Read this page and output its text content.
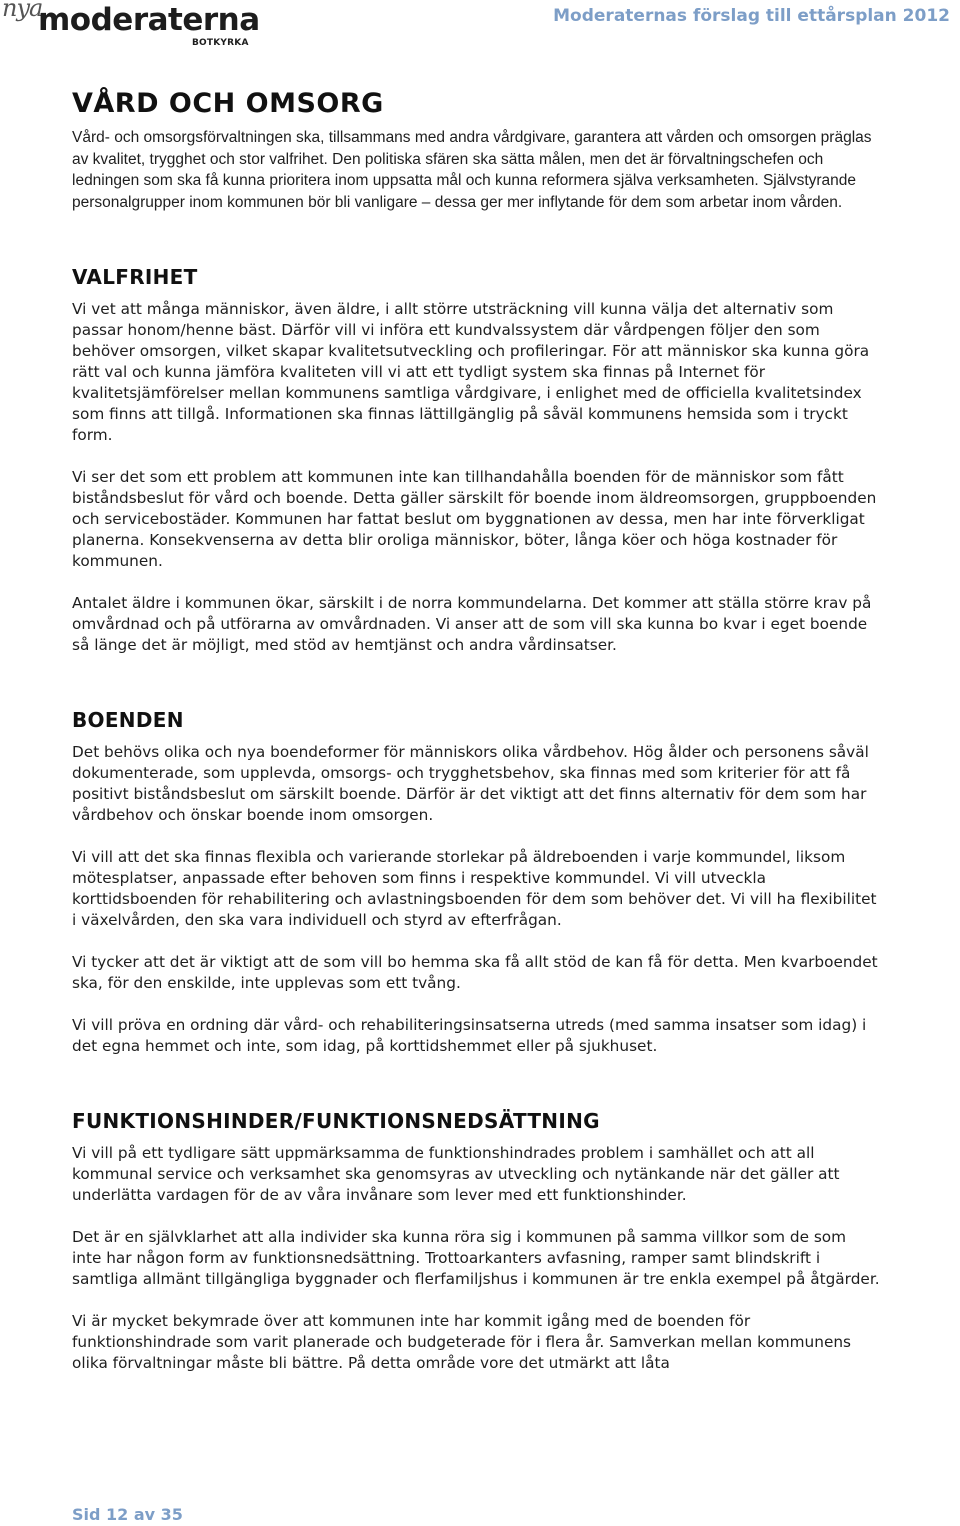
nya
moderaterna
BOTKYRKA
Moderaternas förslag till ettårsplan 2012
VÅRD OCH OMSORG

Vård- och omsorgsförvaltningen ska, tillsammans med andra vårdgivare, garantera att vården och omsorgen präglas av kvalitet, trygghet och stor valfrihet. Den politiska sfären ska sätta målen, men det är förvaltningschefen och ledningen som ska få kunna prioritera inom uppsatta mål och kunna reformera själva verksamheten. Självstyrande personalgrupper inom kommunen bör bli vanligare – dessa ger mer inflytande för dem som arbetar inom vården.

VALFRIHET

Vi vet att många människor, även äldre, i allt större utsträckning vill kunna välja det alternativ som passar honom/henne bäst. Därför vill vi införa ett kundvalssystem där vårdpengen följer den som behöver omsorgen, vilket skapar kvalitetsutveckling och profileringar. För att människor ska kunna göra rätt val och kunna jämföra kvaliteten vill vi att ett tydligt system ska finnas på Internet för kvalitetsjämförelser mellan kommunens samtliga vårdgivare, i enlighet med de officiella kvalitetsindex som finns att tillgå. Informationen ska finnas lättillgänglig på såväl kommunens hemsida som i tryckt form.

Vi ser det som ett problem att kommunen inte kan tillhandahålla boenden för de människor som fått biståndsbeslut för vård och boende. Detta gäller särskilt för boende inom äldreomsorgen, gruppboenden och servicebostäder. Kommunen har fattat beslut om byggnationen av dessa, men har inte förverkligat planerna. Konsekvenserna av detta blir oroliga människor, böter, långa köer och höga kostnader för kommunen.

Antalet äldre i kommunen ökar, särskilt i de norra kommundelarna. Det kommer att ställa större krav på omvårdnad och på utförarna av omvårdnaden. Vi anser att de som vill ska kunna bo kvar i eget boende så länge det är möjligt, med stöd av hemtjänst och andra vårdinsatser.

BOENDEN

Det behövs olika och nya boendeformer för människors olika vårdbehov. Hög ålder och personens såväl dokumenterade, som upplevda, omsorgs- och trygghetsbehov, ska finnas med som kriterier för att få positivt biståndsbeslut om särskilt boende. Därför är det viktigt att det finns alternativ för dem som har vårdbehov och önskar boende inom omsorgen.

Vi vill att det ska finnas flexibla och varierande storlekar på äldreboenden i varje kommundel, liksom mötesplatser, anpassade efter behoven som finns i respektive kommundel. Vi vill utveckla korttidsboenden för rehabilitering och avlastningsboenden för dem som behöver det. Vi vill ha flexibilitet i växelvården, den ska vara individuell och styrd av efterfrågan.

Vi tycker att det är viktigt att de som vill bo hemma ska få allt stöd de kan få för detta. Men kvarboendet ska, för den enskilde, inte upplevas som ett tvång.

Vi vill pröva en ordning där vård- och rehabiliteringsinsatserna utreds (med samma insatser som idag) i det egna hemmet och inte, som idag, på korttidshemmet eller på sjukhuset.

FUNKTIONSHINDER/FUNKTIONSNEDSÄTTNING

Vi vill på ett tydligare sätt uppmärksamma de funktionshindrades problem i samhället och att all kommunal service och verksamhet ska genomsyras av utveckling och nytänkande när det gäller att underlätta vardagen för de av våra invånare som lever med ett funktionshinder.

Det är en självklarhet att alla individer ska kunna röra sig i kommunen på samma villkor som de som inte har någon form av funktionsnedsättning. Trottoarkanters avfasning, ramper samt blindskrift i samtliga allmänt tillgängliga byggnader och flerfamiljshus i kommunen är tre enkla exempel på åtgärder.

Vi är mycket bekymrade över att kommunen inte har kommit igång med de boenden för funktionshindrade som varit planerade och budgeterade för i flera år. Samverkan mellan kommunens olika förvaltningar måste bli bättre. På detta område vore det utmärkt att låta

Sid 12 av 35
